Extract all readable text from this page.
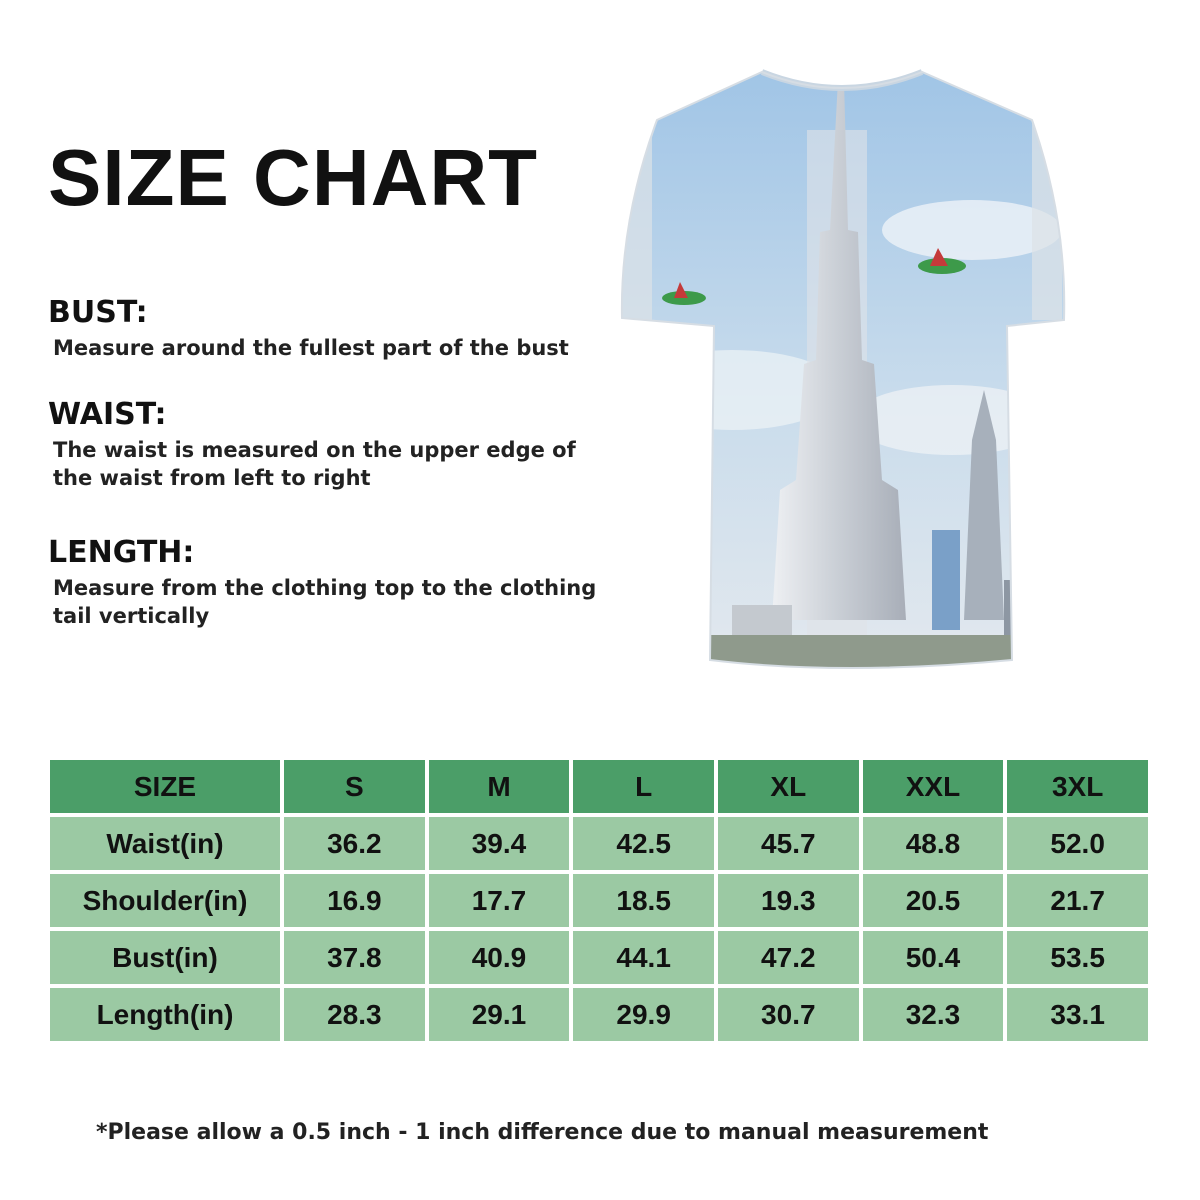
SIZE CHART
BUST:

Measure around the fullest part of the bust

WAIST:

The waist is measured on the upper edge of
the waist from left to right

LENGTH:

Measure from the clothing top to the clothing
tail vertically

SIZE	S	M	L	XL	XXL	3XL
Waist(in)	36.2	39.4	42.5	45.7	48.8	52.0
Shoulder(in)	16.9	17.7	18.5	19.3	20.5	21.7
Bust(in)	37.8	40.9	44.1	47.2	50.4	53.5
Length(in)	28.3	29.1	29.9	30.7	32.3	33.1

*Please allow a 0.5 inch - 1 inch difference due to manual measurement
